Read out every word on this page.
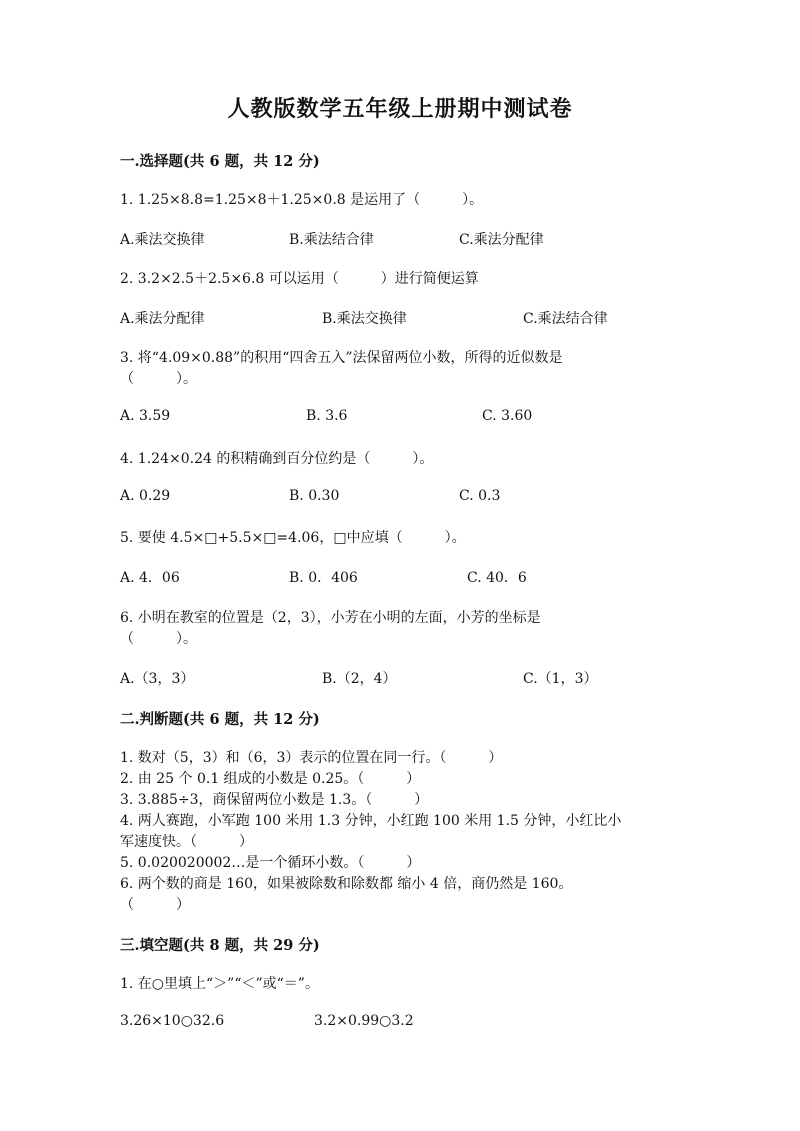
人教版数学五年级上册期中测试卷
一.选择题(共 6 题，共 12 分)
1. 1.25×8.8=1.25×8＋1.25×0.8 是运用了（　　　）。
A.乘法交换律	B.乘法结合律	C.乘法分配律
2. 3.2×2.5＋2.5×6.8 可以运用（　　　）进行简便运算
A.乘法分配律	B.乘法交换律	C.乘法结合律
3. 将“4.09×0.88”的积用“四舍五入”法保留两位小数，所得的近似数是
（　　　）。
A. 3.59	B. 3.6	C. 3.60
4. 1.24×0.24 的积精确到百分位约是（　　　）。
A. 0.29	B. 0.30	C. 0.3
5. 要使 4.5×□+5.5×□=4.06，□中应填（　　　）。
A. 4．06	B. 0．406	C. 40．6
6. 小明在教室的位置是（2，3），小芳在小明的左面，小芳的坐标是
（　　　）。
A.（3，3）	B.（2，4）	C.（1，3）
二.判断题(共 6 题，共 12 分)
1. 数对（5，3）和（6，3）表示的位置在同一行。（　　　）
2. 由 25 个 0.1 组成的小数是 0.25。（　　　）
3. 3.885÷3，商保留两位小数是 1.3。（　　　）
4. 两人赛跑，小军跑 100 米用 1.3 分钟，小红跑 100 米用 1.5 分钟，小红比小
军速度快。（　　　）
5. 0.020020002…是一个循环小数。（　　　）
6. 两个数的商是 160，如果被除数和除数都 缩小 4 倍，商仍然是 160。
（　　　）
三.填空题(共 8 题，共 29 分)
1. 在○里填上“＞”“＜”或“＝”。
3.26×10○32.6	3.2×0.99○3.2
